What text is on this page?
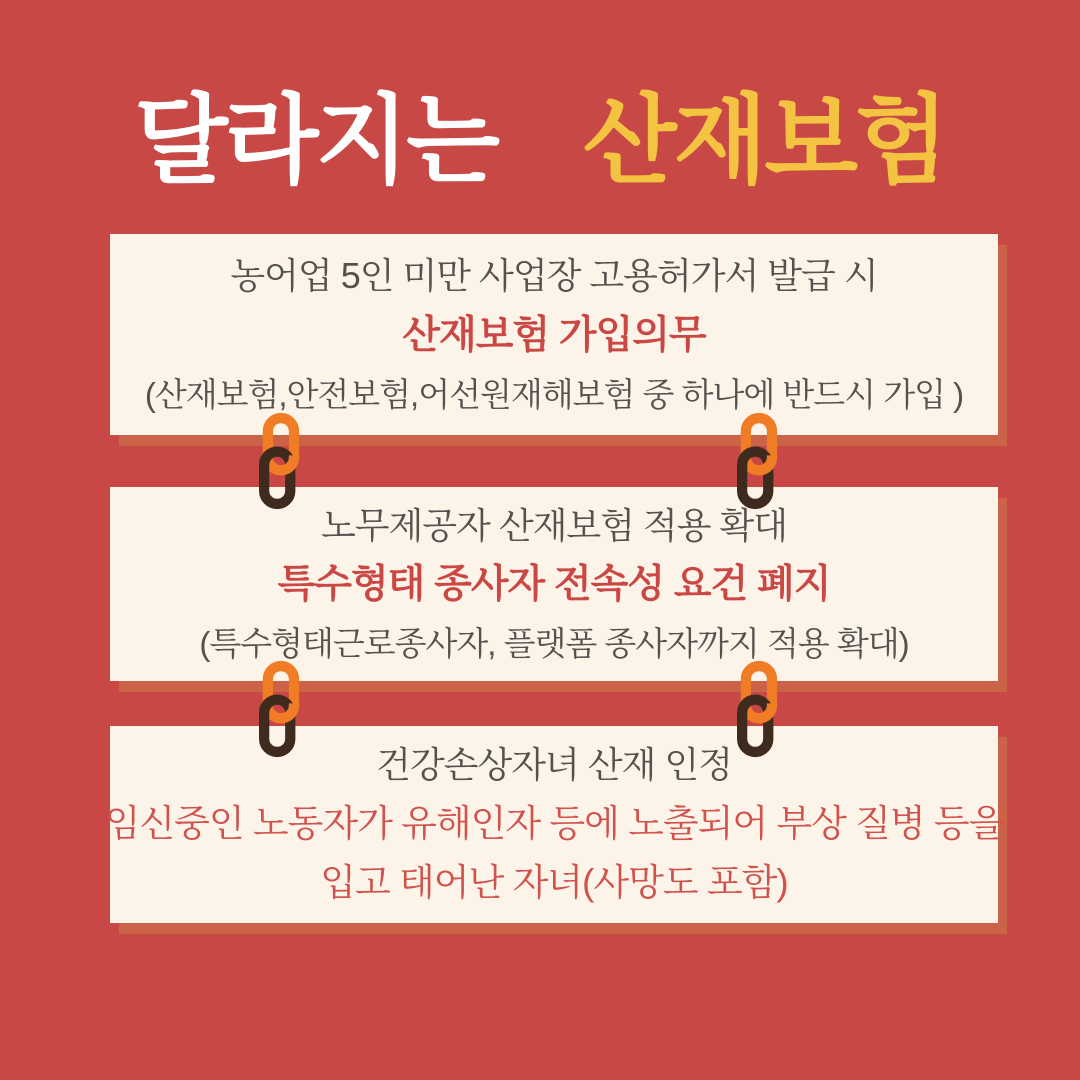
달라지는 산재보험

농어업 5인 미만 사업장 고용허가서 발급 시

산재보험 가입의무

(산재보험,안전보험,어선원재해보험 중 하나에 반드시 가입 )

노무제공자 산재보험 적용 확대

특수형태 종사자 전속성 요건 폐지

(특수형태근로종사자, 플랫폼 종사자까지 적용 확대)

건강손상자녀 산재 인정

임신중인 노동자가 유해인자 등에 노출되어 부상 질병 등을

입고 태어난 자녀(사망도 포함)
